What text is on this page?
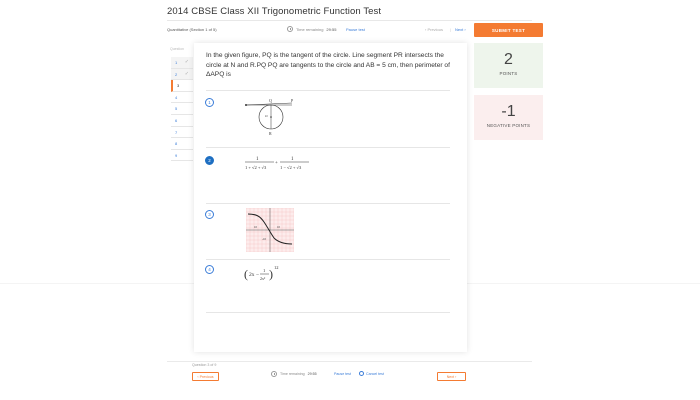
2014 CBSE Class XII Trigonometric Function Test
Quantitative (Section 1 of 5)	Time remaining 29:55 Pause test	‹ Previous | Next ›	SUBMIT TEST
Question
1 ✓
2 ✓
3
4
5
6
7
8
9
In the given figure, PQ is the tangent of the circle. Line segment PR intersects the circle at N and R.PQ PQ are tangents to the circle and AB = 5 cm, then perimeter of ΔAPQ is
1	Q	P
O
R
2	1
1 + √2 + √3
+
1
1 − √2 + √3
3
10	10
-10
4	( 2x −
1
2x² ) 12
2
POINTS
-1
NEGATIVE POINTS
Question 3 of 9
‹ Previous
Time remaining 29:55	Pause test	Cancel test
Next ›
